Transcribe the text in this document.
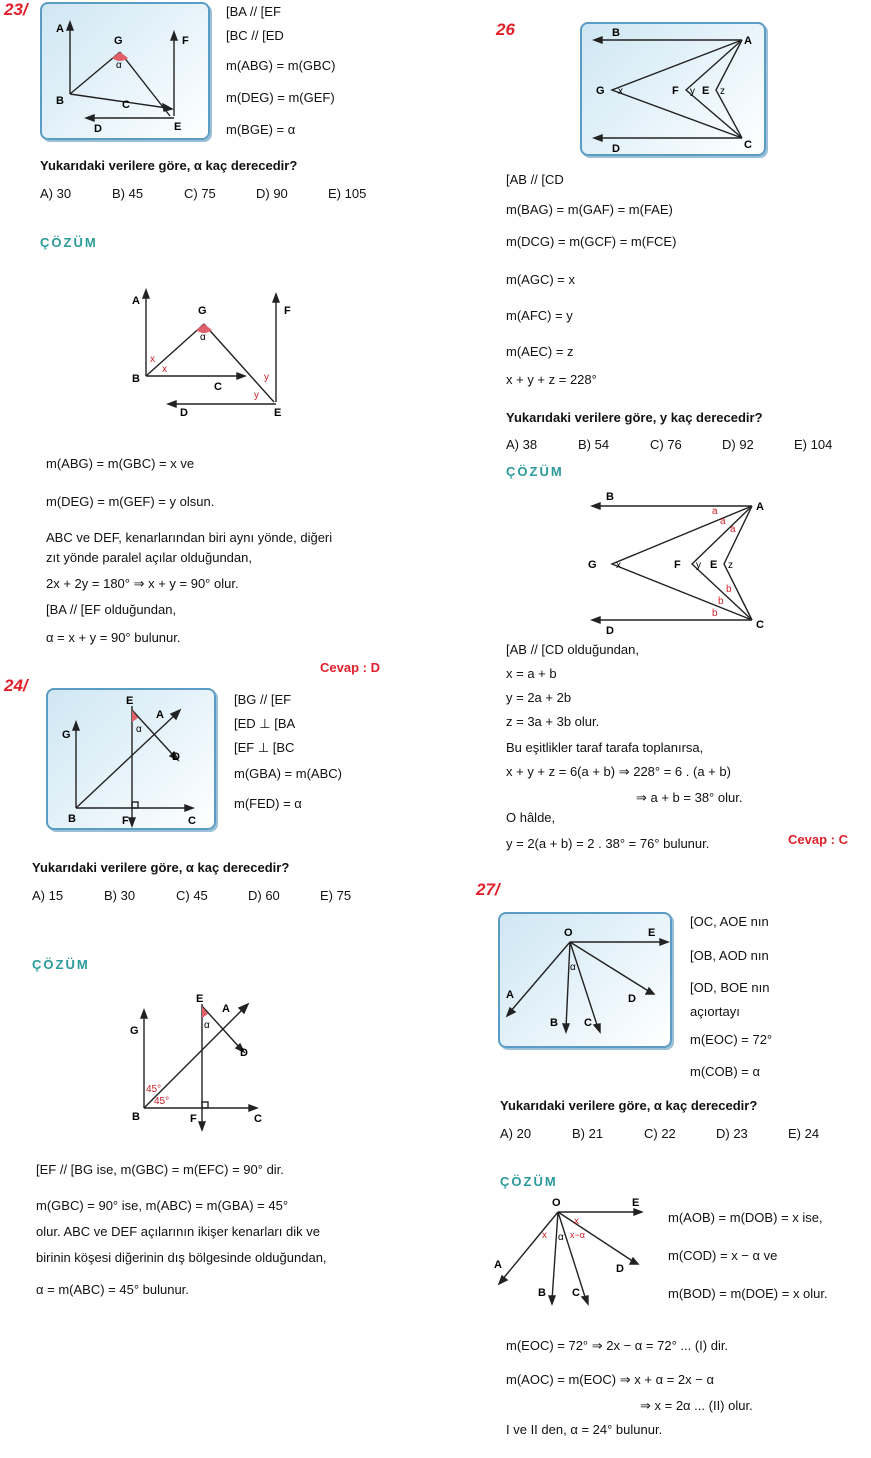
23/
A
G	F
B	C
D	E
α
[BA // [EF
[BC // [ED
m(ABG) = m(GBC)
m(DEG) = m(GEF)
m(BGE) = α
Yukarıdaki verilere göre, α kaç derecedir?
A) 30	B) 45	C) 75	D) 90	E) 105
ÇÖZÜM
A
G	F
B
C
D	E
α
x
x
y
y
m(ABG) = m(GBC) = x ve
m(DEG) = m(GEF) = y olsun.
ABC ve DEF, kenarlarından biri aynı yönde, diğeri
zıt yönde paralel açılar olduğundan,
2x + 2y = 180° ⇒ x + y = 90° olur.
[BA // [EF olduğundan,
α = x + y = 90° bulunur.
Cevap : D
24/
E
A
G
D
B	F	C
α
[BG // [EF
[ED ⊥ [BA
[EF ⊥ [BC
m(GBA) = m(ABC)
m(FED) = α
Yukarıdaki verilere göre, α kaç derecedir?
A) 15	B) 30	C) 45	D) 60	E) 75
ÇÖZÜM
E
A
G
D
B	F	C
α
45°
45°
[EF // [BG ise, m(GBC) = m(EFC) = 90° dir.
m(GBC) = 90° ise, m(ABC) = m(GBA) = 45°
olur. ABC ve DEF açılarının ikişer kenarları dik ve
birinin köşesi diğerinin dış bölgesinde olduğundan,
α = m(ABC) = 45° bulunur.
26	B
A
G	F E
D	C
x	y	z
[AB // [CD
m(BAG) = m(GAF) = m(FAE)
m(DCG) = m(GCF) = m(FCE)
m(AGC) = x
m(AFC) = y
m(AEC) = z
x + y + z = 228°
Yukarıdaki verilere göre, y kaç derecedir?
A) 38	B) 54	C) 76	D) 92	E) 104
ÇÖZÜM
B
A
G	F	E
D	C
x	y	z
a
a
a
b
b
b
[AB // [CD olduğundan,
x = a + b
y = 2a + 2b
z = 3a + 3b olur.
Bu eşitlikler taraf tarafa toplanırsa,
x + y + z = 6(a + b) ⇒ 228° = 6 . (a + b)
⇒ a + b = 38° olur.
O hâlde,
y = 2(a + b) = 2 . 38° = 76° bulunur.	Cevap : C
27/
O	E
A	D
B C
α
[OC, AOE nın
[OB, AOD nın
[OD, BOE nın
açıortayı
m(EOC) = 72°
m(COB) = α
Yukarıdaki verilere göre, α kaç derecedir?
A) 20	B) 21	C) 22	D) 23	E) 24
ÇÖZÜM
O	E
A	D
B C
α
x
x
x−α
m(AOB) = m(DOB) = x ise,
m(COD) = x − α ve
m(BOD) = m(DOE) = x olur.
m(EOC) = 72° ⇒ 2x − α = 72° ... (I) dir.
m(AOC) = m(EOC) ⇒ x + α = 2x − α
⇒ x = 2α ... (II) olur.
I ve II den, α = 24° bulunur.
